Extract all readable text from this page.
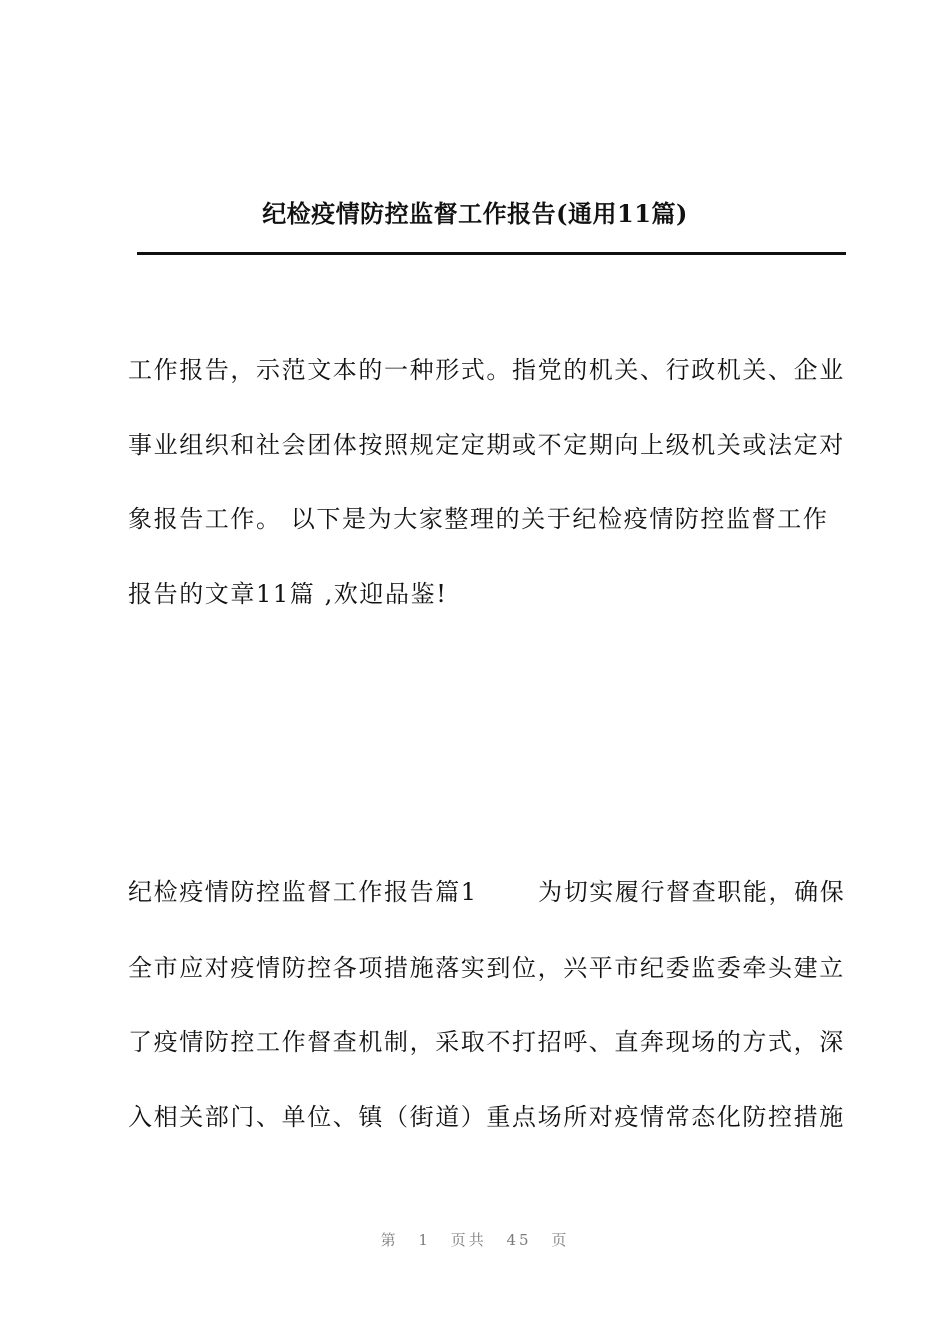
纪检疫情防控监督工作报告(通用11篇)
工作报告，示范文本的一种形式。指党的机关、行政机关、企业
事业组织和社会团体按照规定定期或不定期向上级机关或法定对
象报告工作。 以下是为大家整理的关于纪检疫情防控监督工作
报告的文章11篇 ,欢迎品鉴!
纪检疫情防控监督工作报告篇1　　 为切实履行督查职能，确保
全市应对疫情防控各项措施落实到位，兴平市纪委监委牵头建立
了疫情防控工作督查机制，采取不打招呼、直奔现场的方式，深
入相关部门、单位、镇（街道）重点场所对疫情常态化防控措施
第 1 页共 45 页
